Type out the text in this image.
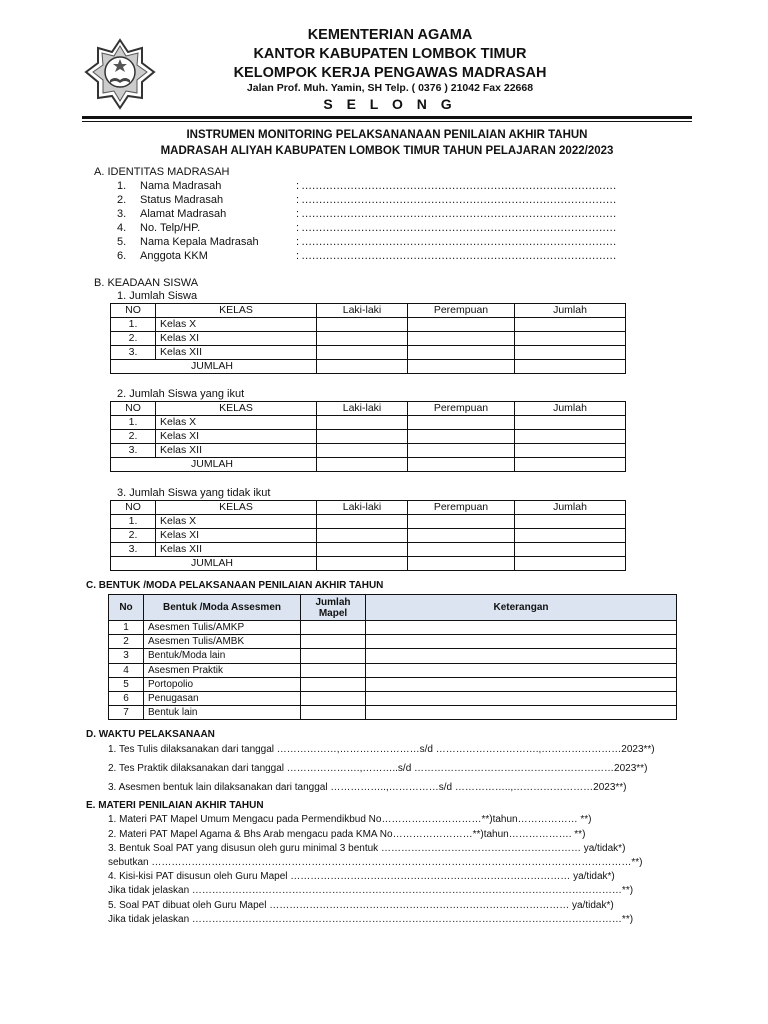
KEMENTERIAN AGAMA
KANTOR KABUPATEN LOMBOK TIMUR
KELOMPOK KERJA PENGAWAS MADRASAH
Jalan Prof. Muh. Yamin, SH Telp. ( 0376 ) 21042 Fax 22668
S E L O N G
INSTRUMEN MONITORING PELAKSANANAAN PENILAIAN AKHIR TAHUN
MADRASAH ALIYAH KABUPATEN LOMBOK TIMUR TAHUN PELAJARAN 2022/2023
A. IDENTITAS MADRASAH
1. Nama Madrasah	: ………………………………………………………………………………
2. Status Madrasah	: ………………………………………………………………………………
3. Alamat Madrasah	: ………………………………………………………………………………
4. No. Telp/HP.	: ………………………………………………………………………………
5. Nama Kepala Madrasah	: ………………………………………………………………………………
6. Anggota KKM	: ………………………………………………………………………………
B. KEADAAN SISWA
1. Jumlah Siswa
NO	KELAS	Laki-laki	Perempuan	Jumlah
1.	Kelas X			
2.	Kelas XI			
3.	Kelas XII			
JUMLAH				
2. Jumlah Siswa yang ikut
NO	KELAS	Laki-laki	Perempuan	Jumlah
1.	Kelas X			
2.	Kelas XI			
3.	Kelas XII			
JUMLAH				
3. Jumlah Siswa yang tidak ikut
NO	KELAS	Laki-laki	Perempuan	Jumlah
1.	Kelas X			
2.	Kelas XI			
3.	Kelas XII			
JUMLAH				
C. BENTUK /MODA PELAKSANAAN PENILAIAN AKHIR TAHUN
No	Bentuk /Moda Assesmen	Jumlah Mapel	Keterangan
1	Asesmen Tulis/AMKP		
2	Asesmen Tulis/AMBK		
3	Bentuk/Moda lain		
4	Asesmen Praktik		
5	Portopolio		
6	Penugasan		
7	Bentuk lain		
D. WAKTU PELAKSANAAN
1. Tes Tulis dilaksanakan dari tanggal ………………,……………………s/d ………………………….,……………………2023**)
2. Tes Praktik dilaksanakan dari tanggal ………………….,………..s/d ……………………………………………………2023**)
3. Asesmen bentuk lain dilaksanakan dari tanggal ……………..,……………s/d ……………..,……………………2023**)
E. MATERI PENILAIAN AKHIR TAHUN
1. Materi PAT Mapel Umum Mengacu pada Permendikbud No…………………………**)tahun……………… **)
2. Materi PAT Mapel Agama & Bhs Arab mengacu pada KMA No……………………**)tahun………………. **)
3. Bentuk Soal PAT yang disusun oleh guru minimal 3 bentuk …………………………………………………… ya/tidak*)
sebutkan ………………………………………………………………………………………………………………………………**)
4. Kisi-kisi PAT disusun oleh Guru Mapel ………………………………………………………………………… ya/tidak*)
Jika tidak jelaskan …………………………………………………………………………………………………………………**)
5. Soal PAT dibuat oleh Guru Mapel ……………………………………………………………………………… ya/tidak*)
Jika tidak jelaskan …………………………………………………………………………………………………………………**)
